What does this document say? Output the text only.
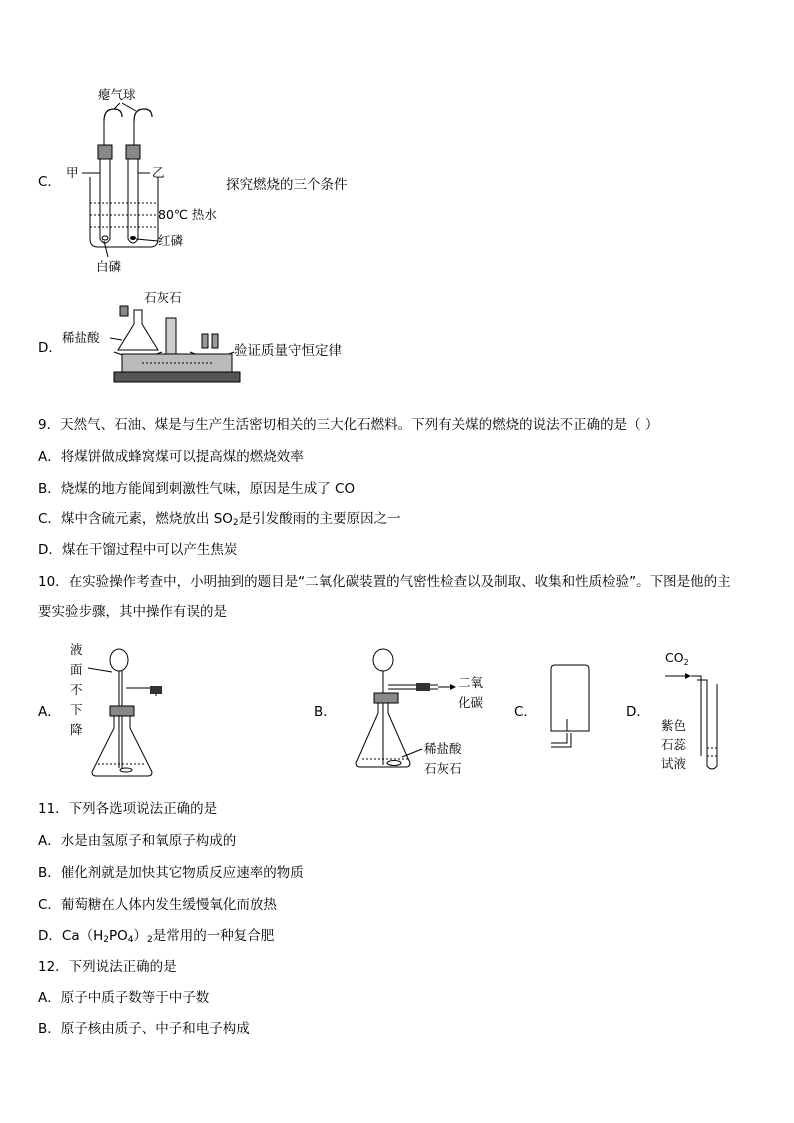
C．
瘪气球
甲	乙
80℃ 热水
红磷
白磷
探究燃烧的三个条件
D．
石灰石
稀盐酸
验证质量守恒定律
9．天然气、石油、煤是与生产生活密切相关的三大化石燃料。下列有关煤的燃烧的说法不正确的是（ ）
A．将煤饼做成蜂窝煤可以提高煤的燃烧效率
B．烧煤的地方能闻到刺激性气味，原因是生成了 CO
C．煤中含硫元素，燃烧放出 $SO_2$是引发酸雨的主要原因之一
D．煤在干馏过程中可以产生焦炭
10．在实验操作考查中，小明抽到的题目是“二氧化碳装置的气密性检查以及制取、收集和性质检验”。下图是他的主
要实验步骤，其中操作有误的是
A．
液
面
不
下
降
B．
二氧
化碳
稀盐酸
石灰石
C．	D．
$CO_2$
紫色
石蕊
试液
11．下列各选项说法正确的是
A．水是由氢原子和氧原子构成的
B．催化剂就是加快其它物质反应速率的物质
C．葡萄糖在人体内发生缓慢氧化而放热
D．$Ca(H_2PO_4)_2$是常用的一种复合肥
12．下列说法正确的是
A．原子中质子数等于中子数
B．原子核由质子、中子和电子构成
